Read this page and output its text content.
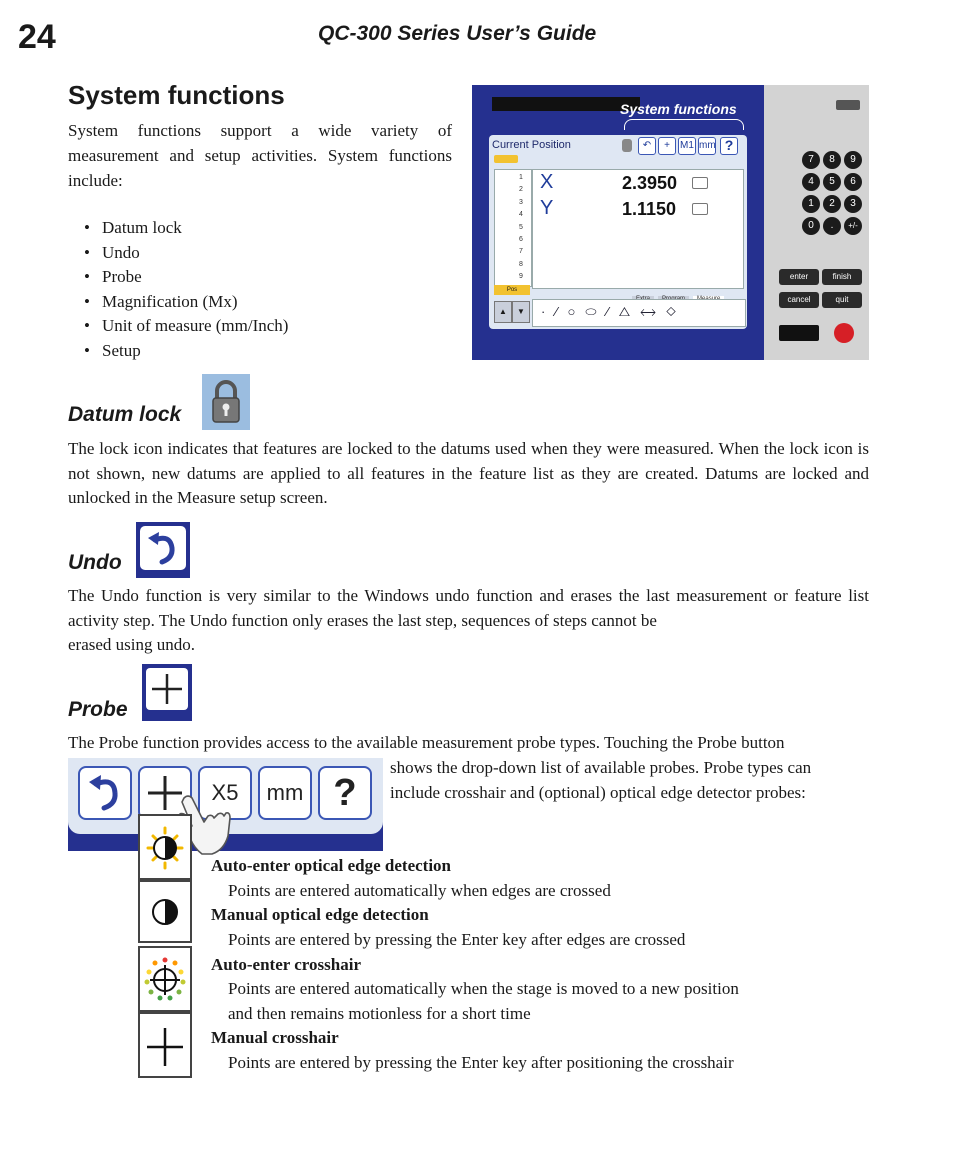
24	QC-300 Series User’s Guide
System functions
System functions support a wide variety of measurement and setup activities. System functions include:
• Datum lock
• Undo
• Probe
• Magnification (Mx)
• Unit of measure (mm/Inch)
• Setup
System functions
Current Position	↶	+	M1 mm ?
1
2
3
4
5
6
7
8
9
Pos
X	2.3950
Y	1.1150

▲	▼	·∕○⬭⁄△⟷◇
7	8	9
4	5	6
1	2	3
0	.	+/-
enter	finish
cancel	quit
Datum lock
The lock icon indicates that features are locked to the datums used when they were measured. When the lock icon is not shown, new datums are applied to all features in the feature list as they are created. Datums are locked and unlocked in the Measure setup screen.
Undo
The Undo function is very similar to the Windows undo function and erases the last measurement or feature list activity step. The Undo function only erases the last step, sequences of steps cannot be
erased using undo.
Probe
The Probe function provides access to the available measurement probe types. Touching the Probe button
shows the drop-down list of available probes. Probe types can
include crosshair and (optional) optical edge detector probes:
X5	mm ?
Auto-enter optical edge detection
Points are entered automatically when edges are crossed
Manual optical edge detection
Points are entered by pressing the Enter key after edges are crossed
Auto-enter crosshair
Points are entered automatically when the stage is moved to a new position
and then remains motionless for a short time
Manual crosshair
Points are entered by pressing the Enter key after positioning the crosshair
